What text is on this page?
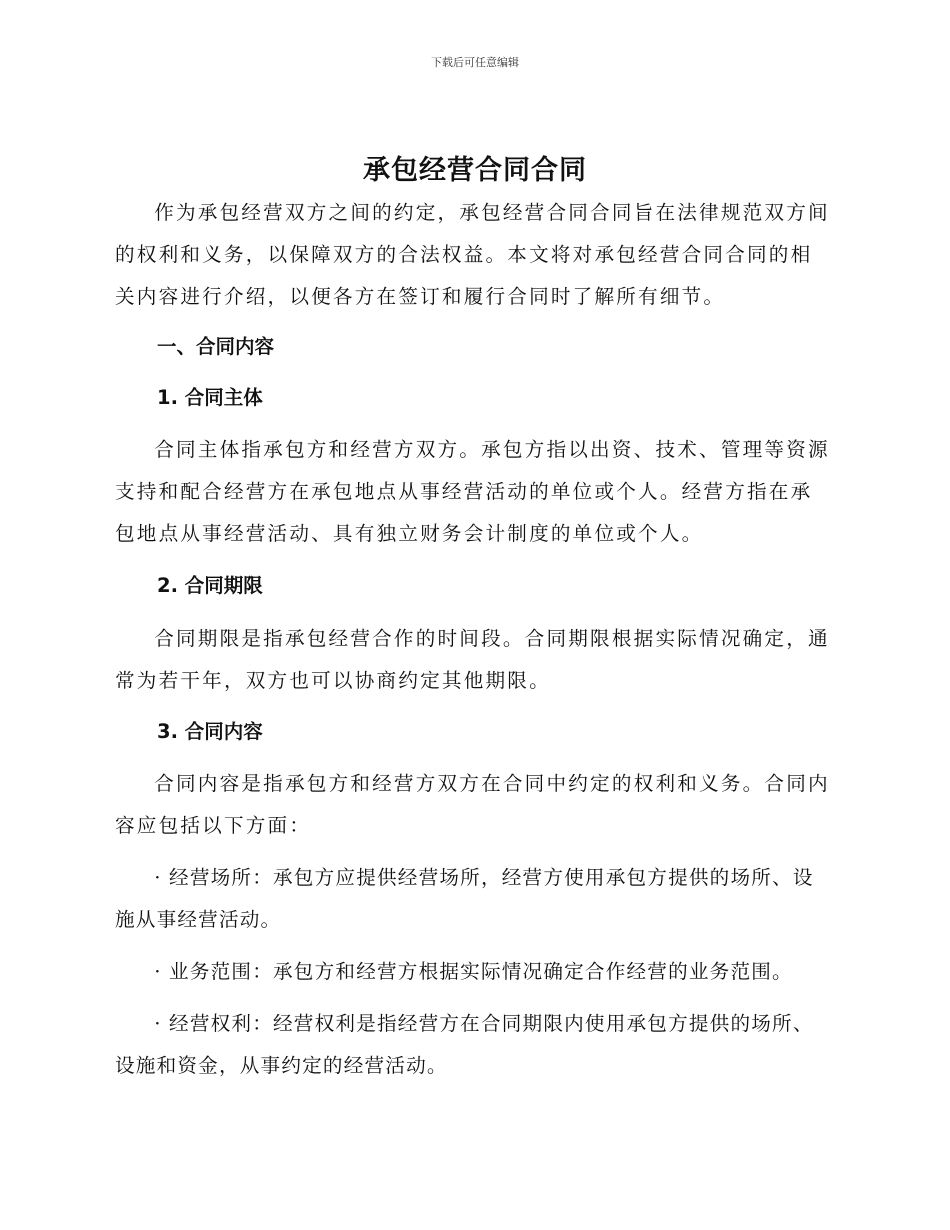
下载后可任意编辑
承包经营合同合同

作为承包经营双方之间的约定，承包经营合同合同旨在法律规范双方间的权利和义务，以保障双方的合法权益。本文将对承包经营合同合同的相关内容进行介绍，以便各方在签订和履行合同时了解所有细节。

一、合同内容
1. 合同主体

合同主体指承包方和经营方双方。承包方指以出资、技术、管理等资源支持和配合经营方在承包地点从事经营活动的单位或个人。经营方指在承包地点从事经营活动、具有独立财务会计制度的单位或个人。

2. 合同期限

合同期限是指承包经营合作的时间段。合同期限根据实际情况确定，通常为若干年，双方也可以协商约定其他期限。

3. 合同内容

合同内容是指承包方和经营方双方在合同中约定的权利和义务。合同内容应包括以下方面：

· 经营场所：承包方应提供经营场所，经营方使用承包方提供的场所、设施从事经营活动。

· 业务范围：承包方和经营方根据实际情况确定合作经营的业务范围。

· 经营权利：经营权利是指经营方在合同期限内使用承包方提供的场所、设施和资金，从事约定的经营活动。
